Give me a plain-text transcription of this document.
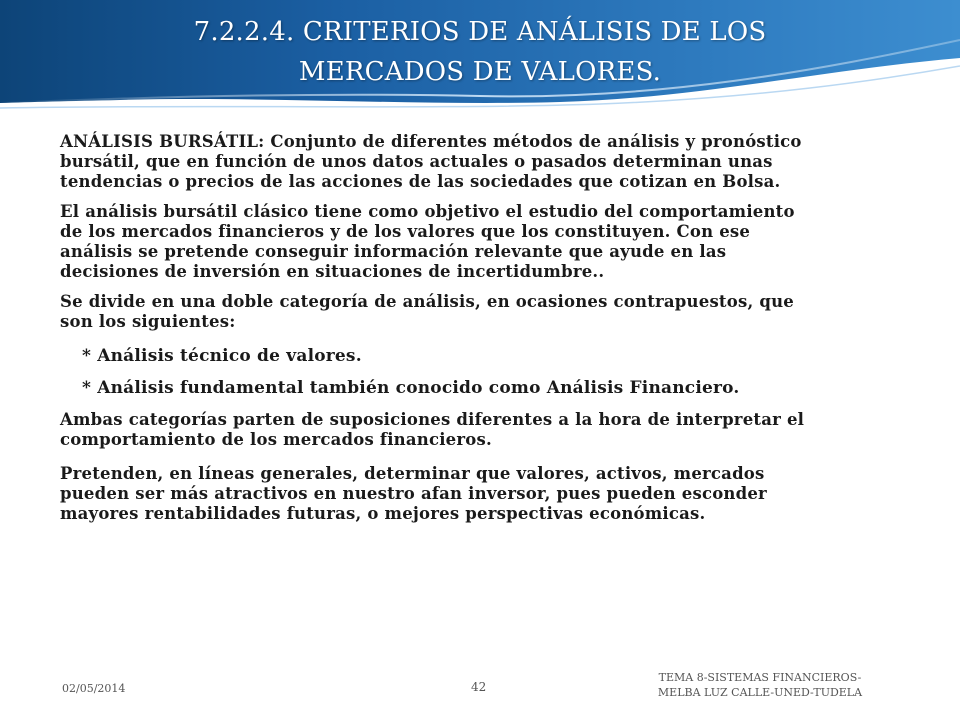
7.2.2.4. CRITERIOS DE ANÁLISIS DE LOS
MERCADOS DE VALORES.

ANÁLISIS BURSÁTIL: Conjunto de diferentes métodos de análisis y pronóstico bursátil, que en función de unos datos actuales o pasados determinan unas tendencias o precios de las acciones de las sociedades que cotizan en Bolsa.

El análisis bursátil clásico tiene como objetivo el estudio del comportamiento de los mercados financieros y de los valores que los constituyen. Con ese análisis se pretende conseguir información relevante que ayude en las decisiones de inversión en situaciones de incertidumbre..

Se divide en una doble categoría de análisis, en ocasiones contrapuestos, que son los siguientes:

* Análisis técnico de valores.

* Análisis fundamental también conocido como Análisis Financiero.

Ambas categorías parten de suposiciones diferentes a la hora de interpretar el comportamiento de los mercados financieros.

Pretenden, en líneas generales, determinar que valores, activos, mercados pueden ser más atractivos en nuestro afan inversor, pues pueden esconder mayores rentabilidades futuras, o mejores perspectivas económicas.

02/05/2014	42
TEMA 8-SISTEMAS FINANCIEROS-
MELBA LUZ CALLE-UNED-TUDELA
